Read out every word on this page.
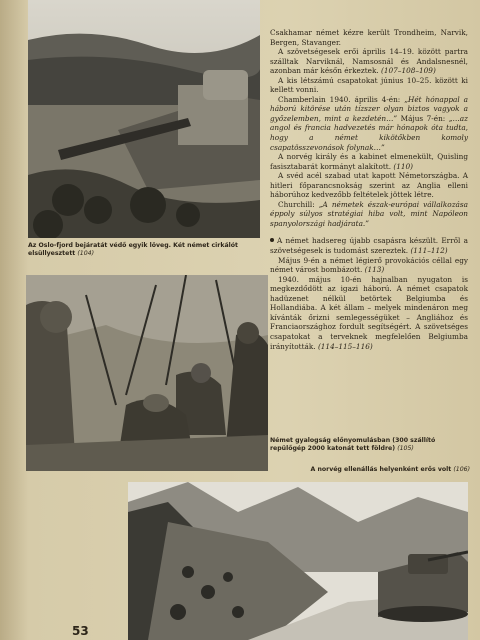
Az Oslo-fjord bejáratát védő egyik löveg. Két német cirkálót elsüllyesztett (104)

Csakhamar német kézre került Trondheim, Narvik, Bergen, Stavanger.

A szövetségesek erői április 14–19. között partra szálltak Narviknál, Namsosnál és Andalsnesnél, azonban már későn érkeztek. (107–108–109)

A kis létszámú csapatokat június 10–25. között ki kellett vonni.

Chamberlain 1940. április 4-én: „Hét hónappal a háború kitörése után tízszer olyan biztos vagyok a győzelemben, mint a kezdetén…” Május 7-én: „…az angol és francia hadvezetés már hónapok óta tudta, hogy a német kikötőkben komoly csapatösszevonások folynak…”

A norvég király és a kabinet elmenekült, Quisling fasisztabarát kormányt alakított. (110)

A svéd acél szabad utat kapott Németországba. A hitleri főparancsnokság szerint az Anglia elleni háborúhoz kedvezőbb feltételek jöttek létre.

Churchill: „A németek észak-európai vállalkozása éppoly súlyos stratégiai hiba volt, mint Napóleon spanyolországi hadjárata.”

A német hadsereg újabb csapásra készült. Erről a szövetségesek is tudomást szereztek. (111–112)

Május 9-én a német légierő provokációs céllal egy német várost bombázott. (113)

1940. május 10-én hajnalban nyugaton is megkezdődött az igazi háború. A német csapatok hadüzenet nélkül betörtek Belgiumba és Hollandiába. A két állam – melyek mindenáron meg kívánták őrizni semlegességüket – Angliához és Franciaországhoz fordult segítségért. A szövetséges csapatokat a terveknek megfelelően Belgiumba irányították. (114–115–116)

Német gyalogság előnyomulásban (300 szállító repülőgép 2000 katonát tett földre) (105)
A norvég ellenállás helyenként erős volt (106)
53
